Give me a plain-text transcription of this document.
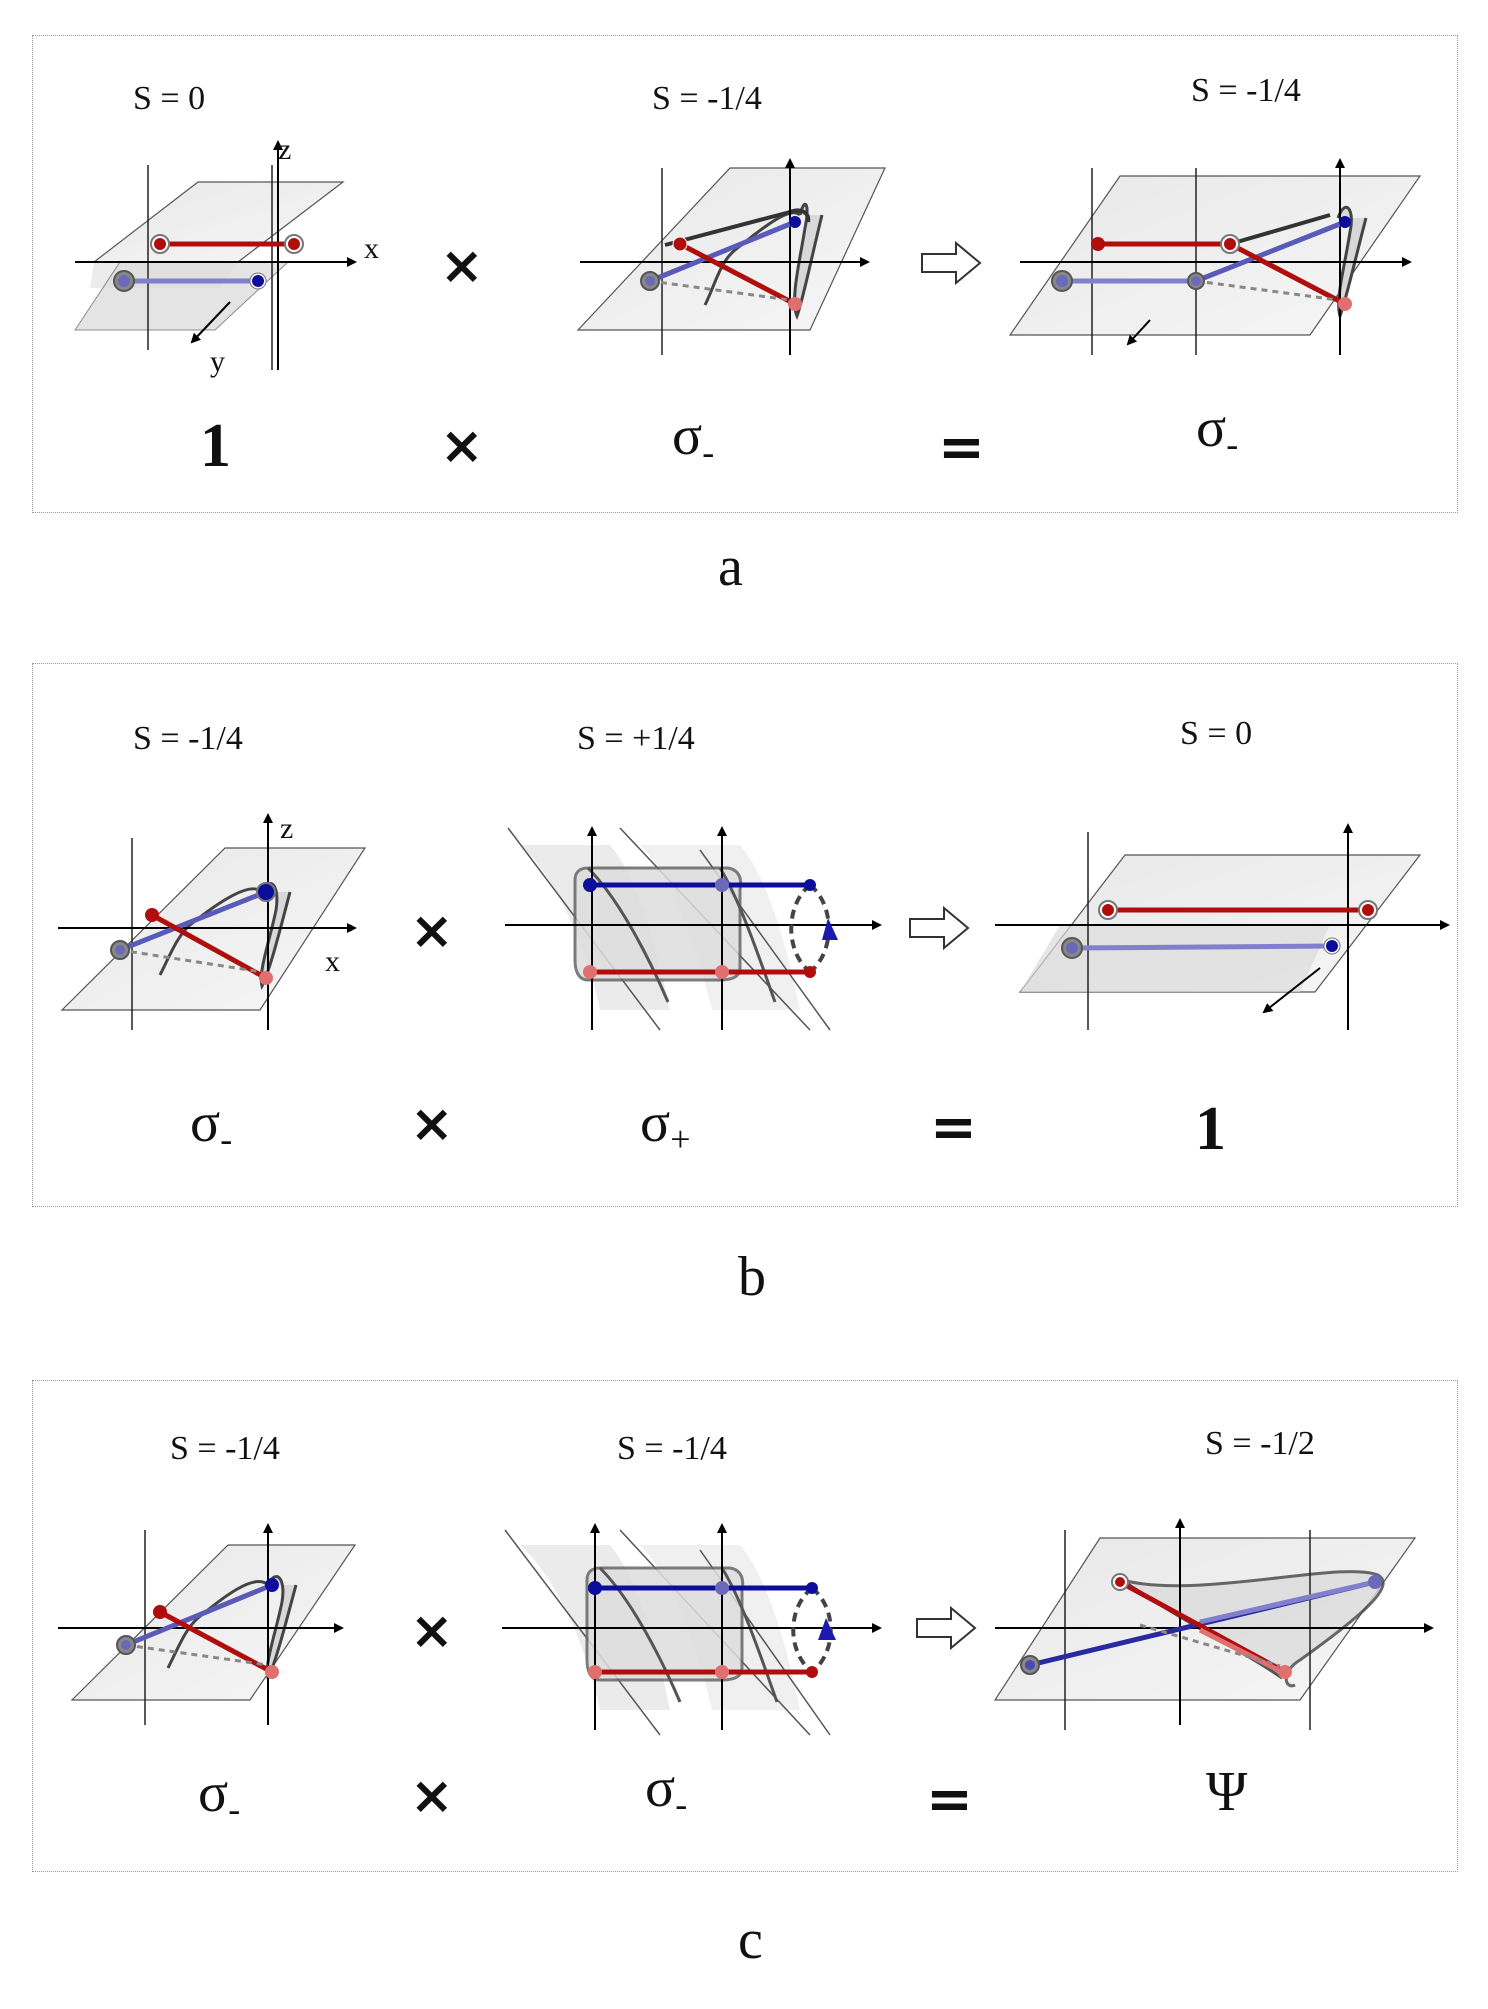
S = 0	S = -1/4	S = -1/4
z
x
y
×
1	×	$\sigma_-$	=	$\sigma_-$
a
S = -1/4	S = +1/4	S = 0
z
x
×
$\sigma_-$	×	$\sigma_+$	=	1
b
S = -1/4	S = -1/4	S = -1/2
×
$\sigma_-$	×	$\sigma_-$	=	Ψ
c
